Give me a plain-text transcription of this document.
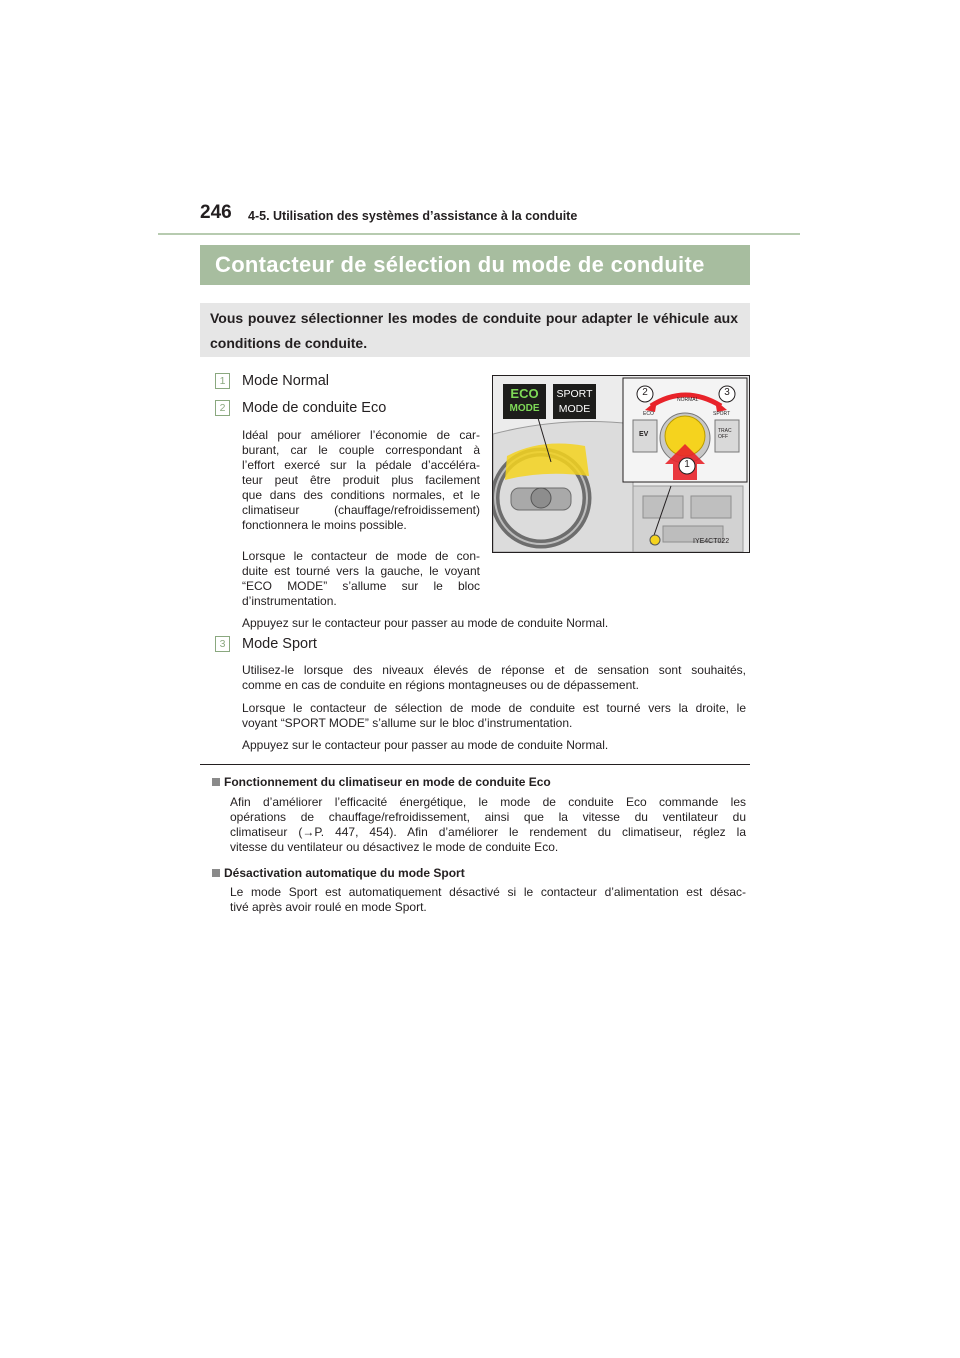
246 4-5. Utilisation des systèmes d’assistance à la conduite
Contacteur de sélection du mode de conduite
Vous pouvez sélectionner les modes de conduite pour adapter le véhicule aux
conditions de conduite.
1	Mode Normal
2	Mode de conduite Eco
Idéal pour améliorer l’économie de car-
burant, car le couple correspondant à
l’effort exercé sur la pédale d’accéléra-
teur peut être produit plus facilement
que dans des conditions normales, et le
climatiseur (chauffage/refroidissement)
fonctionnera le moins possible.
Lorsque le contacteur de mode de con-
duite est tourné vers la gauche, le voyant
“ECO MODE” s’allume sur le bloc
d’instrumentation.
Appuyez sur le contacteur pour passer au mode de conduite Normal.
3	Mode Sport
Utilisez-le lorsque des niveaux élevés de réponse et de sensation sont souhaités,
comme en cas de conduite en régions montagneuses ou de dépassement.
Lorsque le contacteur de sélection de mode de conduite est tourné vers la droite, le
voyant “SPORT MODE” s’allume sur le bloc d’instrumentation.
Appuyez sur le contacteur pour passer au mode de conduite Normal.
ECO
MODE
SPORT
MODE
2	3
1
NORMAL
ECO	SPORT
EV	TRAC
OFF
IYE4CT022
Fonctionnement du climatiseur en mode de conduite Eco
Afin d’améliorer l’efficacité énergétique, le mode de conduite Eco commande les
opérations de chauffage/refroidissement, ainsi que la vitesse du ventilateur du
climatiseur (→P. 447, 454). Afin d’améliorer le rendement du climatiseur, réglez la
vitesse du ventilateur ou désactivez le mode de conduite Eco.
Désactivation automatique du mode Sport
Le mode Sport est automatiquement désactivé si le contacteur d’alimentation est désac-
tivé après avoir roulé en mode Sport.
